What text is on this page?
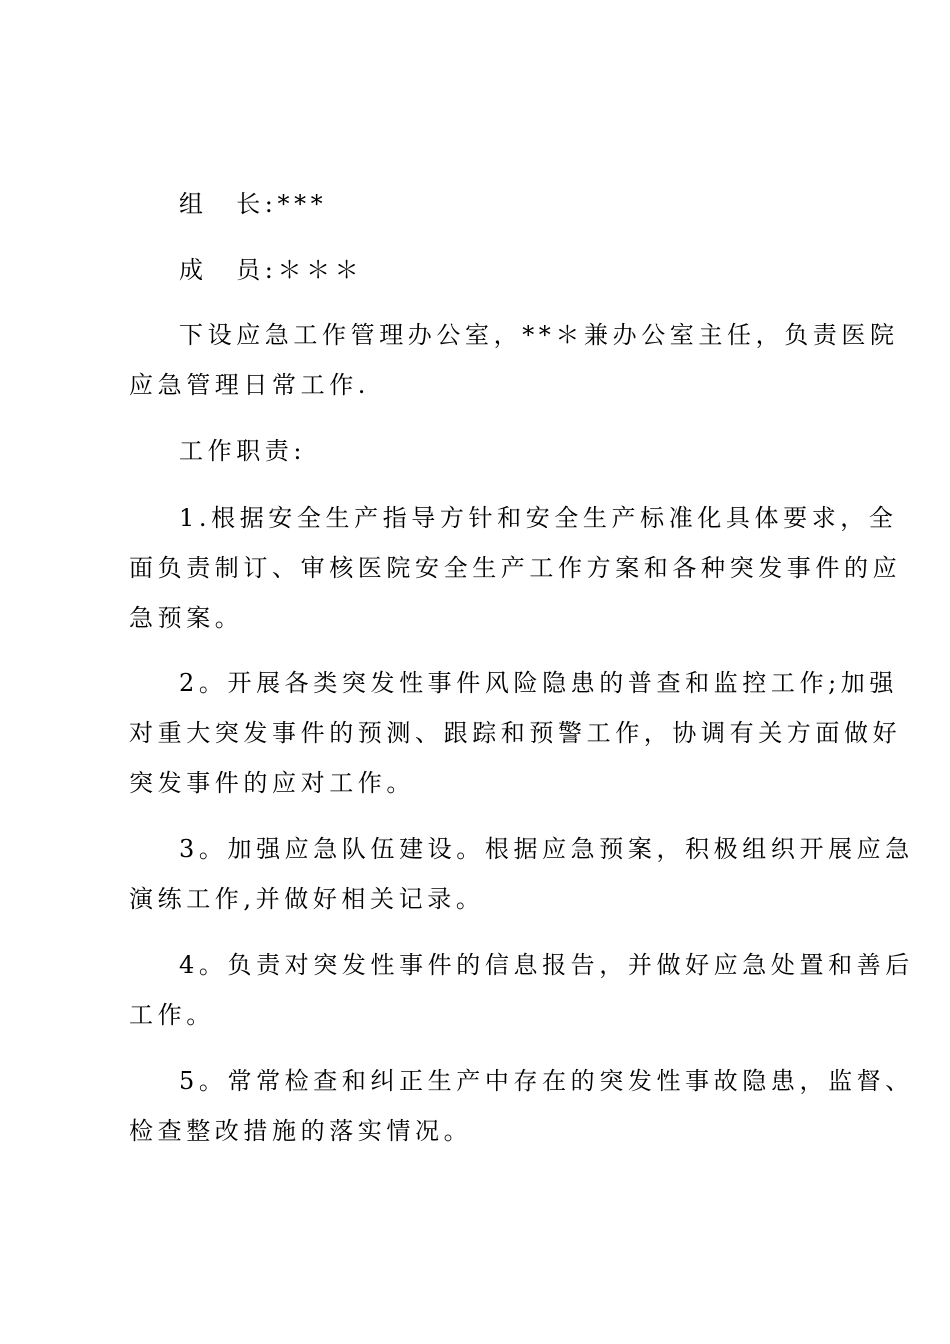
组　长:***
成　员:＊＊＊
下设应急工作管理办公室，**＊兼办公室主任，负责医院
应急管理日常工作.
工作职责:
1.根据安全生产指导方针和安全生产标准化具体要求，全
面负责制订、审核医院安全生产工作方案和各种突发事件的应
急预案。
2。开展各类突发性事件风险隐患的普查和监控工作;加强
对重大突发事件的预测、跟踪和预警工作，协调有关方面做好
突发事件的应对工作。
3。加强应急队伍建设。根据应急预案，积极组织开展应急
演练工作,并做好相关记录。
4。负责对突发性事件的信息报告，并做好应急处置和善后
工作。
5。常常检查和纠正生产中存在的突发性事故隐患，监督、
检查整改措施的落实情况。
